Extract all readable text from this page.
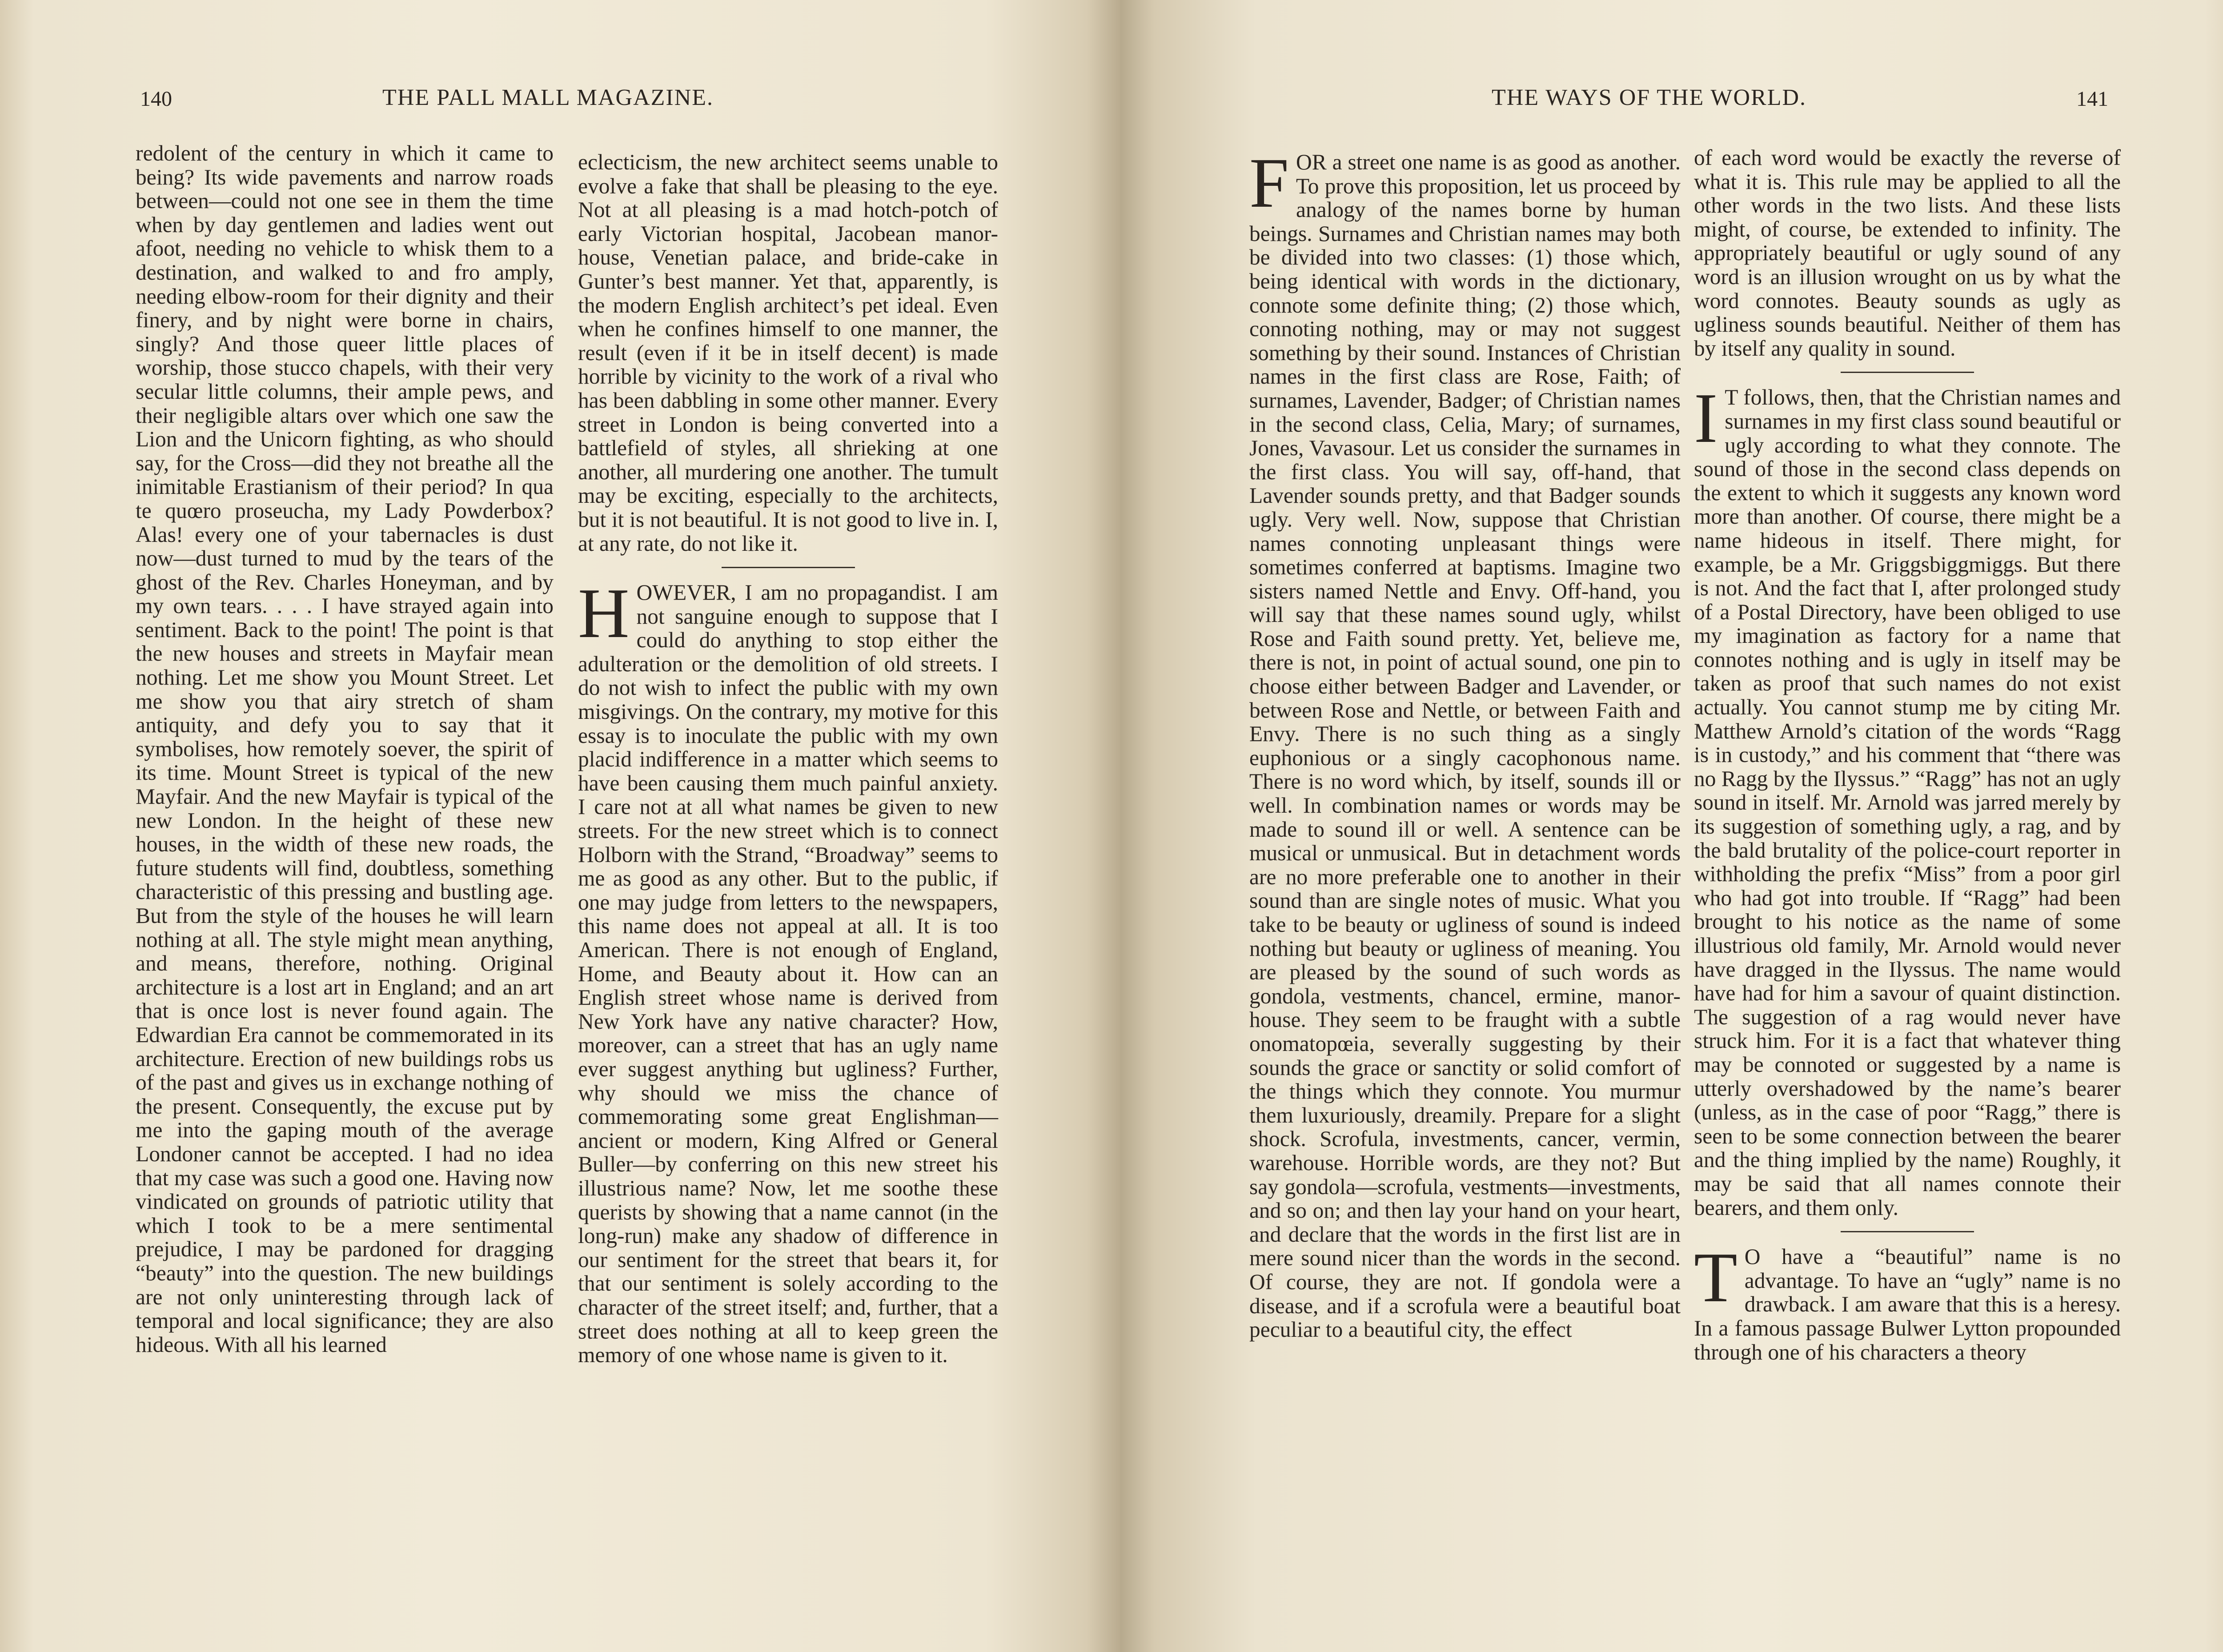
140	THE PALL MALL MAGAZINE.

redolent of the century in which it came to being? Its wide pavements and narrow roads between—could not one see in them the time when by day gentlemen and ladies went out afoot, needing no vehicle to whisk them to a destination, and walked to and fro amply, needing elbow-room for their dignity and their finery, and by night were borne in chairs, singly? And those queer little places of worship, those stucco chapels, with their very secular little columns, their ample pews, and their negligible altars over which one saw the Lion and the Unicorn fighting, as who should say, for the Cross—did they not breathe all the inimitable Erastianism of their period? In qua te quœro proseucha, my Lady Powderbox? Alas! every one of your tabernacles is dust now—dust turned to mud by the tears of the ghost of the Rev. Charles Honeyman, and by my own tears. . . . I have strayed again into sentiment. Back to the point! The point is that the new houses and streets in Mayfair mean nothing. Let me show you Mount Street. Let me show you that airy stretch of sham antiquity, and defy you to say that it symbolises, how remotely soever, the spirit of its time. Mount Street is typical of the new Mayfair. And the new Mayfair is typical of the new London. In the height of these new houses, in the width of these new roads, the future students will find, doubtless, something characteristic of this pressing and bustling age. But from the style of the houses he will learn nothing at all. The style might mean anything, and means, therefore, nothing. Original architecture is a lost art in England; and an art that is once lost is never found again. The Edwardian Era cannot be commemorated in its architecture. Erection of new buildings robs us of the past and gives us in exchange nothing of the present. Consequently, the excuse put by me into the gaping mouth of the average Londoner cannot be accepted. I had no idea that my case was such a good one. Having now vindicated on grounds of patriotic utility that which I took to be a mere sentimental prejudice, I may be pardoned for dragging “beauty” into the question. The new buildings are not only uninteresting through lack of temporal and local significance; they are also hideous. With all his learned

eclecticism, the new architect seems unable to evolve a fake that shall be pleasing to the eye. Not at all pleasing is a mad hotch-potch of early Victorian hospital, Jacobean manor-house, Venetian palace, and bride-cake in Gunter’s best manner. Yet that, apparently, is the modern English architect’s pet ideal. Even when he confines himself to one manner, the result (even if it be in itself decent) is made horrible by vicinity to the work of a rival who has been dabbling in some other manner. Every street in London is being converted into a battlefield of styles, all shrieking at one another, all murdering one another. The tumult may be exciting, especially to the architects, but it is not beautiful. It is not good to live in. I, at any rate, do not like it.

HOWEVER, I am no propagandist. I am not sanguine enough to suppose that I could do anything to stop either the adulteration or the demolition of old streets. I do not wish to infect the public with my own misgivings. On the contrary, my motive for this essay is to inoculate the public with my own placid indifference in a matter which seems to have been causing them much painful anxiety. I care not at all what names be given to new streets. For the new street which is to connect Holborn with the Strand, “Broadway” seems to me as good as any other. But to the public, if one may judge from letters to the newspapers, this name does not appeal at all. It is too American. There is not enough of England, Home, and Beauty about it. How can an English street whose name is derived from New York have any native character? How, moreover, can a street that has an ugly name ever suggest anything but ugliness? Further, why should we miss the chance of commemorating some great Englishman—ancient or modern, King Alfred or General Buller—by conferring on this new street his illustrious name? Now, let me soothe these querists by showing that a name cannot (in the long-run) make any shadow of difference in our sentiment for the street that bears it, for that our sentiment is solely according to the character of the street itself; and, further, that a street does nothing at all to keep green the memory of one whose name is given to it.

THE WAYS OF THE WORLD.	141

FOR a street one name is as good as another. To prove this proposition, let us proceed by analogy of the names borne by human beings. Surnames and Christian names may both be divided into two classes: (1) those which, being identical with words in the dictionary, connote some definite thing; (2) those which, connoting nothing, may or may not suggest something by their sound. Instances of Christian names in the first class are Rose, Faith; of surnames, Lavender, Badger; of Christian names in the second class, Celia, Mary; of surnames, Jones, Vavasour. Let us consider the surnames in the first class. You will say, off-hand, that Lavender sounds pretty, and that Badger sounds ugly. Very well. Now, suppose that Christian names connoting unpleasant things were sometimes conferred at baptisms. Imagine two sisters named Nettle and Envy. Off-hand, you will say that these names sound ugly, whilst Rose and Faith sound pretty. Yet, believe me, there is not, in point of actual sound, one pin to choose either between Badger and Lavender, or between Rose and Nettle, or between Faith and Envy. There is no such thing as a singly euphonious or a singly cacophonous name. There is no word which, by itself, sounds ill or well. In combination names or words may be made to sound ill or well. A sentence can be musical or unmusical. But in detachment words are no more preferable one to another in their sound than are single notes of music. What you take to be beauty or ugliness of sound is indeed nothing but beauty or ugliness of meaning. You are pleased by the sound of such words as gondola, vestments, chancel, ermine, manor-house. They seem to be fraught with a subtle onomatopœia, severally suggesting by their sounds the grace or sanctity or solid comfort of the things which they connote. You murmur them luxuriously, dreamily. Prepare for a slight shock. Scrofula, investments, cancer, vermin, warehouse. Horrible words, are they not? But say gondola—scrofula, vestments—investments, and so on; and then lay your hand on your heart, and declare that the words in the first list are in mere sound nicer than the words in the second. Of course, they are not. If gondola were a disease, and if a scrofula were a beautiful boat peculiar to a beautiful city, the effect

of each word would be exactly the reverse of what it is. This rule may be applied to all the other words in the two lists. And these lists might, of course, be extended to infinity. The appropriately beautiful or ugly sound of any word is an illusion wrought on us by what the word connotes. Beauty sounds as ugly as ugliness sounds beautiful. Neither of them has by itself any quality in sound.

I T follows, then, that the Christian names and surnames in my first class sound beautiful or ugly according to what they connote. The sound of those in the second class depends on the extent to which it suggests any known word more than another. Of course, there might be a name hideous in itself. There might, for example, be a Mr. Griggsbiggmiggs. But there is not. And the fact that I, after prolonged study of a Postal Directory, have been obliged to use my imagination as factory for a name that connotes nothing and is ugly in itself may be taken as proof that such names do not exist actually. You cannot stump me by citing Mr. Matthew Arnold’s citation of the words “Ragg is in custody,” and his comment that “there was no Ragg by the Ilyssus.” “Ragg” has not an ugly sound in itself. Mr. Arnold was jarred merely by its suggestion of something ugly, a rag, and by the bald brutality of the police-court reporter in withholding the prefix “Miss” from a poor girl who had got into trouble. If “Ragg” had been brought to his notice as the name of some illustrious old family, Mr. Arnold would never have dragged in the Ilyssus. The name would have had for him a savour of quaint distinction. The suggestion of a rag would never have struck him. For it is a fact that whatever thing may be connoted or suggested by a name is utterly overshadowed by the name’s bearer (unless, as in the case of poor “Ragg,” there is seen to be some connection between the bearer and the thing implied by the name) Roughly, it may be said that all names connote their bearers, and them only.

T O have a “beautiful” name is no advantage. To have an “ugly” name is no drawback. I am aware that this is a heresy. In a famous passage Bulwer Lytton propounded through one of his characters a theory
